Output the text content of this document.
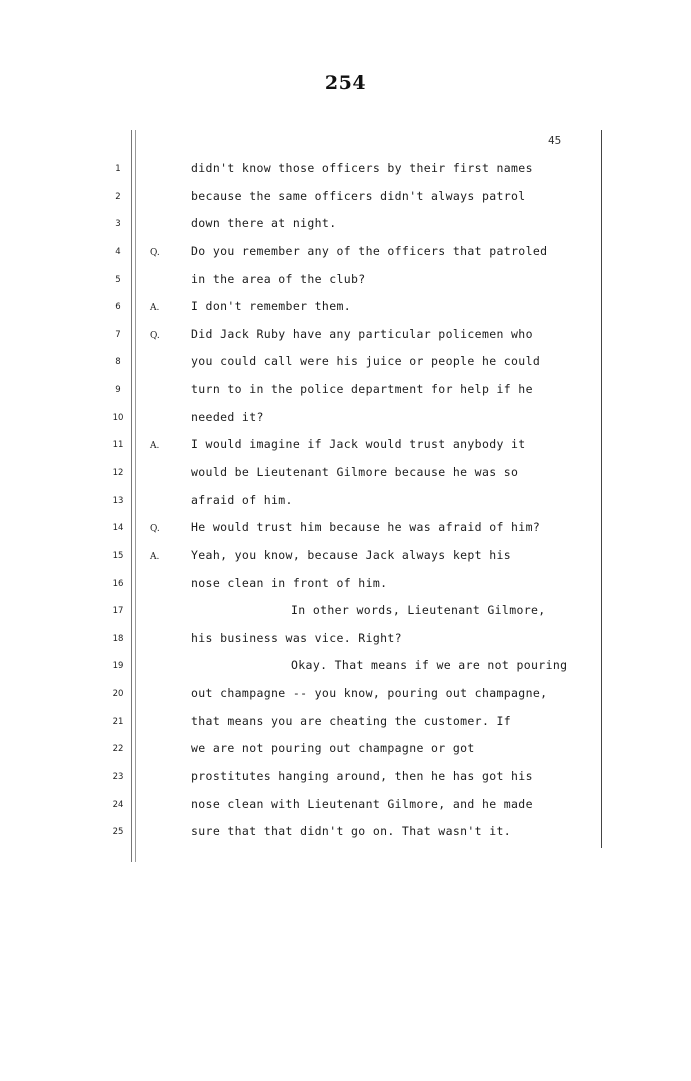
254
45
1
2
3
4
5
6
7
8
9
10
11
12
13
14
15
16
17
18
19
20
21
22
23
24
25
Q.
A.
Q.
A.
Q.
A.
didn't know those officers by their first names
because the same officers didn't always patrol
down there at night.
Do you remember any of the officers that patroled
in the area of the club?
I don't remember them.
Did Jack Ruby have any particular policemen who
you could call were his juice or people he could
turn to in the police department for help if he
needed it?
I would imagine if Jack would trust anybody it
would be Lieutenant Gilmore because he was so
afraid of him.
He would trust him because he was afraid of him?
Yeah, you know, because Jack always kept his
nose clean in front of him.
In other words, Lieutenant Gilmore,
his business was vice. Right?
Okay. That means if we are not pouring
out champagne -- you know, pouring out champagne,
that means you are cheating the customer. If
we are not pouring out champagne or got
prostitutes hanging around, then he has got his
nose clean with Lieutenant Gilmore, and he made
sure that that didn't go on. That wasn't it.
